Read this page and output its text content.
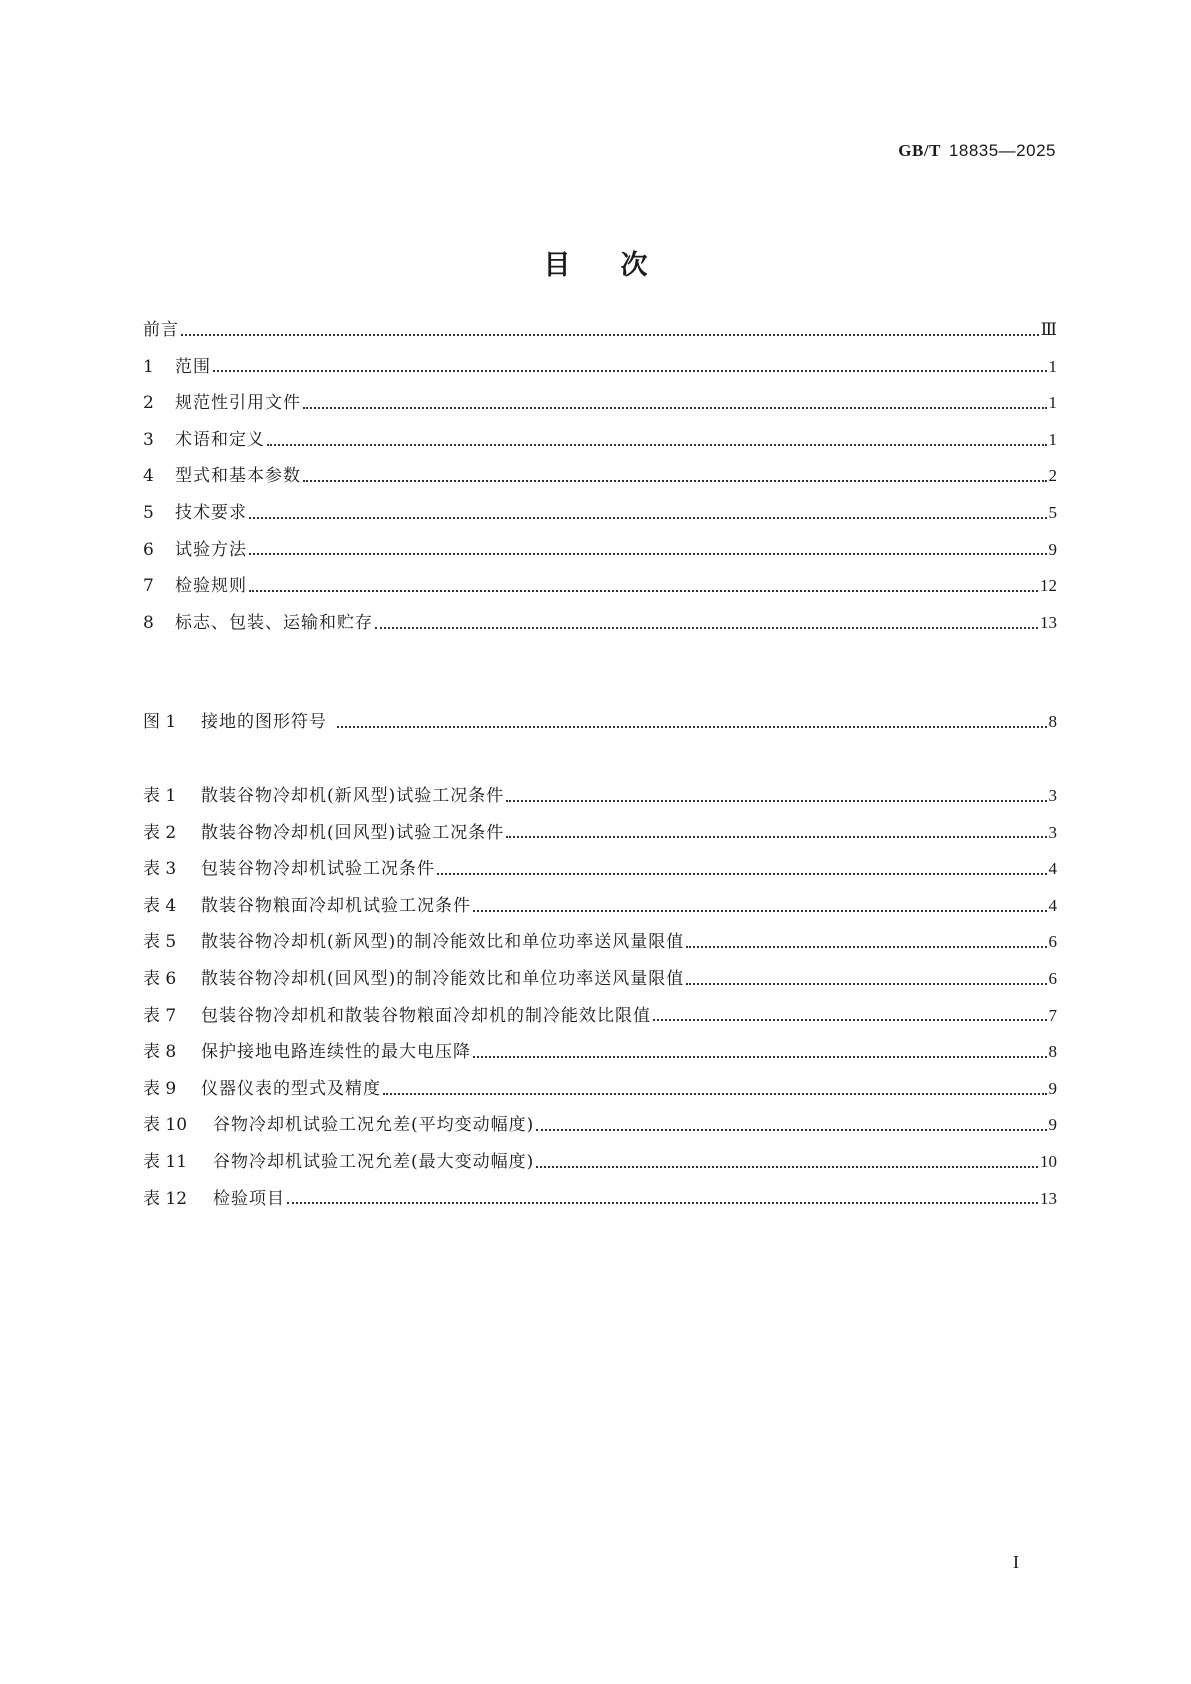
GB/T 18835—2025
目次
前言	Ⅲ
1	范围	1
2	规范性引用文件	1
3	术语和定义	1
4	型式和基本参数	2
5	技术要求	5
6	试验方法	9
7	检验规则	12
8	标志、包装、运输和贮存	13
图 1	接地的图形符号	8
表 1	散装谷物冷却机(新风型)试验工况条件	3
表 2	散装谷物冷却机(回风型)试验工况条件	3
表 3	包装谷物冷却机试验工况条件	4
表 4	散装谷物粮面冷却机试验工况条件	4
表 5	散装谷物冷却机(新风型)的制冷能效比和单位功率送风量限值	6
表 6	散装谷物冷却机(回风型)的制冷能效比和单位功率送风量限值	6
表 7	包装谷物冷却机和散装谷物粮面冷却机的制冷能效比限值	7
表 8	保护接地电路连续性的最大电压降	8
表 9	仪器仪表的型式及精度	9
表 10	谷物冷却机试验工况允差(平均变动幅度)	9
表 11	谷物冷却机试验工况允差(最大变动幅度)	10
表 12	检验项目	13
I
